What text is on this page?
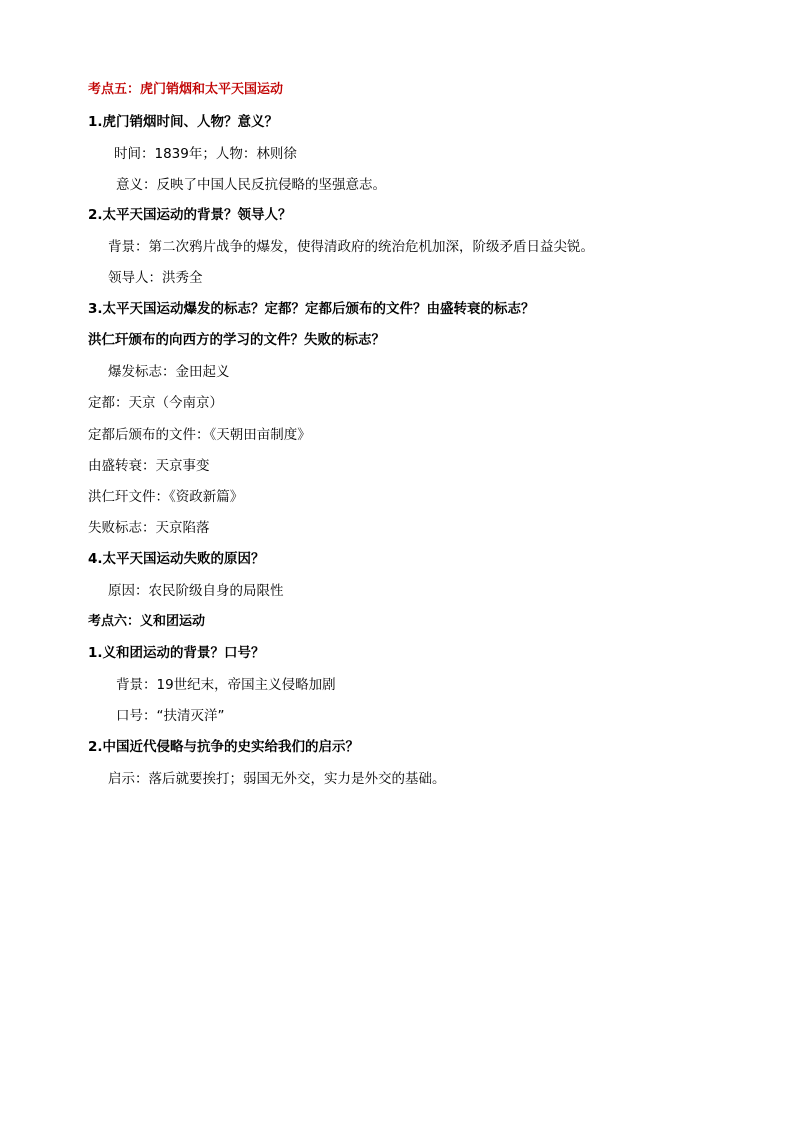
考点五：虎门销烟和太平天国运动
1.虎门销烟时间、人物？意义？
时间：1839年；人物：林则徐
意义：反映了中国人民反抗侵略的坚强意志。
2.太平天国运动的背景？领导人？
背景：第二次鸦片战争的爆发，使得清政府的统治危机加深，阶级矛盾日益尖锐。
领导人：洪秀全
3.太平天国运动爆发的标志？定都？定都后颁布的文件？由盛转衰的标志？
洪仁玕颁布的向西方的学习的文件？失败的标志？
爆发标志：金田起义
定都：天京（今南京）
定都后颁布的文件：《天朝田亩制度》
由盛转衰：天京事变
洪仁玕文件：《资政新篇》
失败标志：天京陷落
4.太平天国运动失败的原因？
原因：农民阶级自身的局限性
考点六：义和团运动
1.义和团运动的背景？口号？
背景：19世纪末，帝国主义侵略加剧
口号：“扶清灭洋”
2.中国近代侵略与抗争的史实给我们的启示？
启示：落后就要挨打；弱国无外交，实力是外交的基础。
